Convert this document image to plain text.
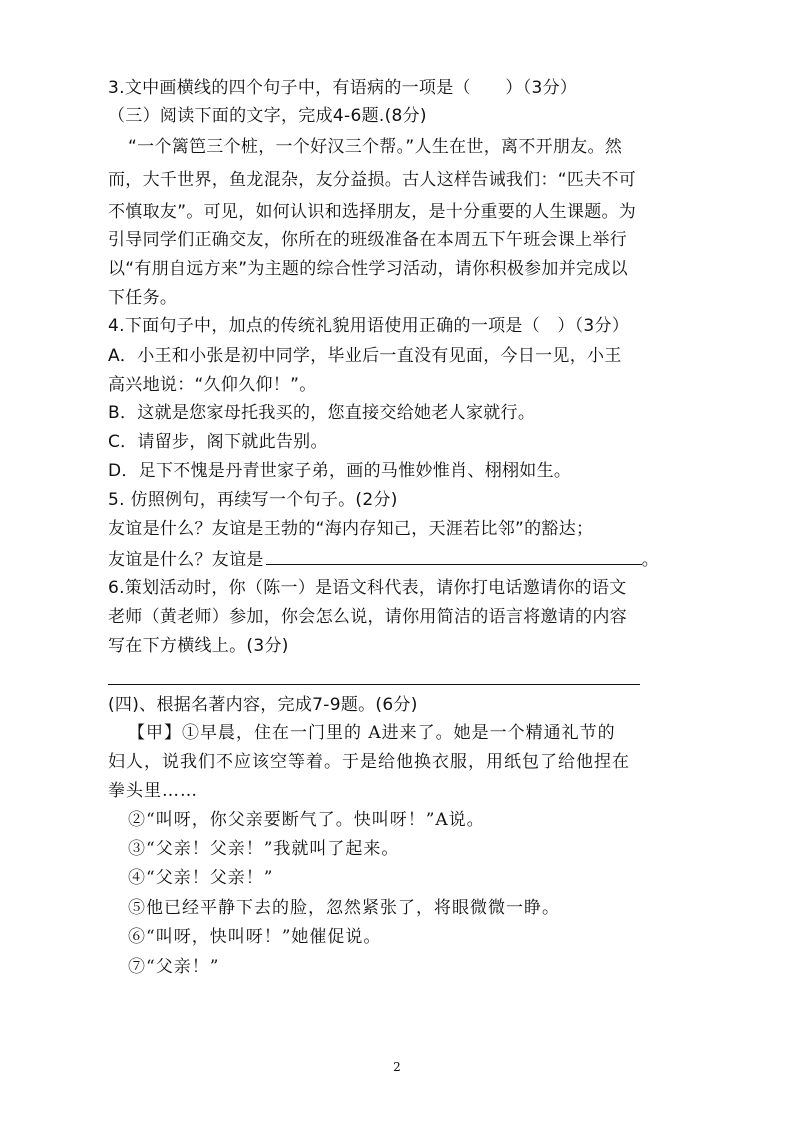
3.文中画横线的四个句子中，有语病的一项是（　　）（3分）
（三）阅读下面的文字，完成4-6题.(8分)
“一个篱笆三个桩，一个好汉三个帮。”人生在世，离不开朋友。然
而，大千世界，鱼龙混杂，友分益损。古人这样告诫我们：“匹夫不可
不慎取友”。可见，如何认识和选择朋友，是十分重要的人生课题。为
引导同学们正确交友，你所在的班级准备在本周五下午班会课上举行
以“有朋自远方来”为主题的综合性学习活动，请你积极参加并完成以
下任务。
4.下面句子中，加点的传统礼貌用语使用正确的一项是（　）（3分）
A．小王和小张是初中同学，毕业后一直没有见面，今日一见，小王
高兴地说：“久仰久仰！”。
B．这就是您家母托我买的，您直接交给她老人家就行。
C．请留步，阁下就此告别。
D．足下不愧是丹青世家子弟，画的马惟妙惟肖、栩栩如生。
5. 仿照例句，再续写一个句子。(2分)
友谊是什么？友谊是王勃的“海内存知己，天涯若比邻”的豁达；
友谊是什么？友谊是	。
6.策划活动时，你（陈一）是语文科代表，请你打电话邀请你的语文
老师（黄老师）参加，你会怎么说，请你用简洁的语言将邀请的内容
写在下方横线上。(3分)
(四)、根据名著内容，完成7-9题。(6分)
【甲】①早晨，住在一门里的 A进来了。她是一个精通礼节的
妇人，说我们不应该空等着。于是给他换衣服，用纸包了给他捏在
拳头里……
②“叫呀，你父亲要断气了。快叫呀！”A说。
③“父亲！父亲！”我就叫了起来。
④“父亲！父亲！”
⑤他已经平静下去的脸，忽然紧张了，将眼微微一睁。
⑥“叫呀，快叫呀！”她催促说。
⑦“父亲！”
2
